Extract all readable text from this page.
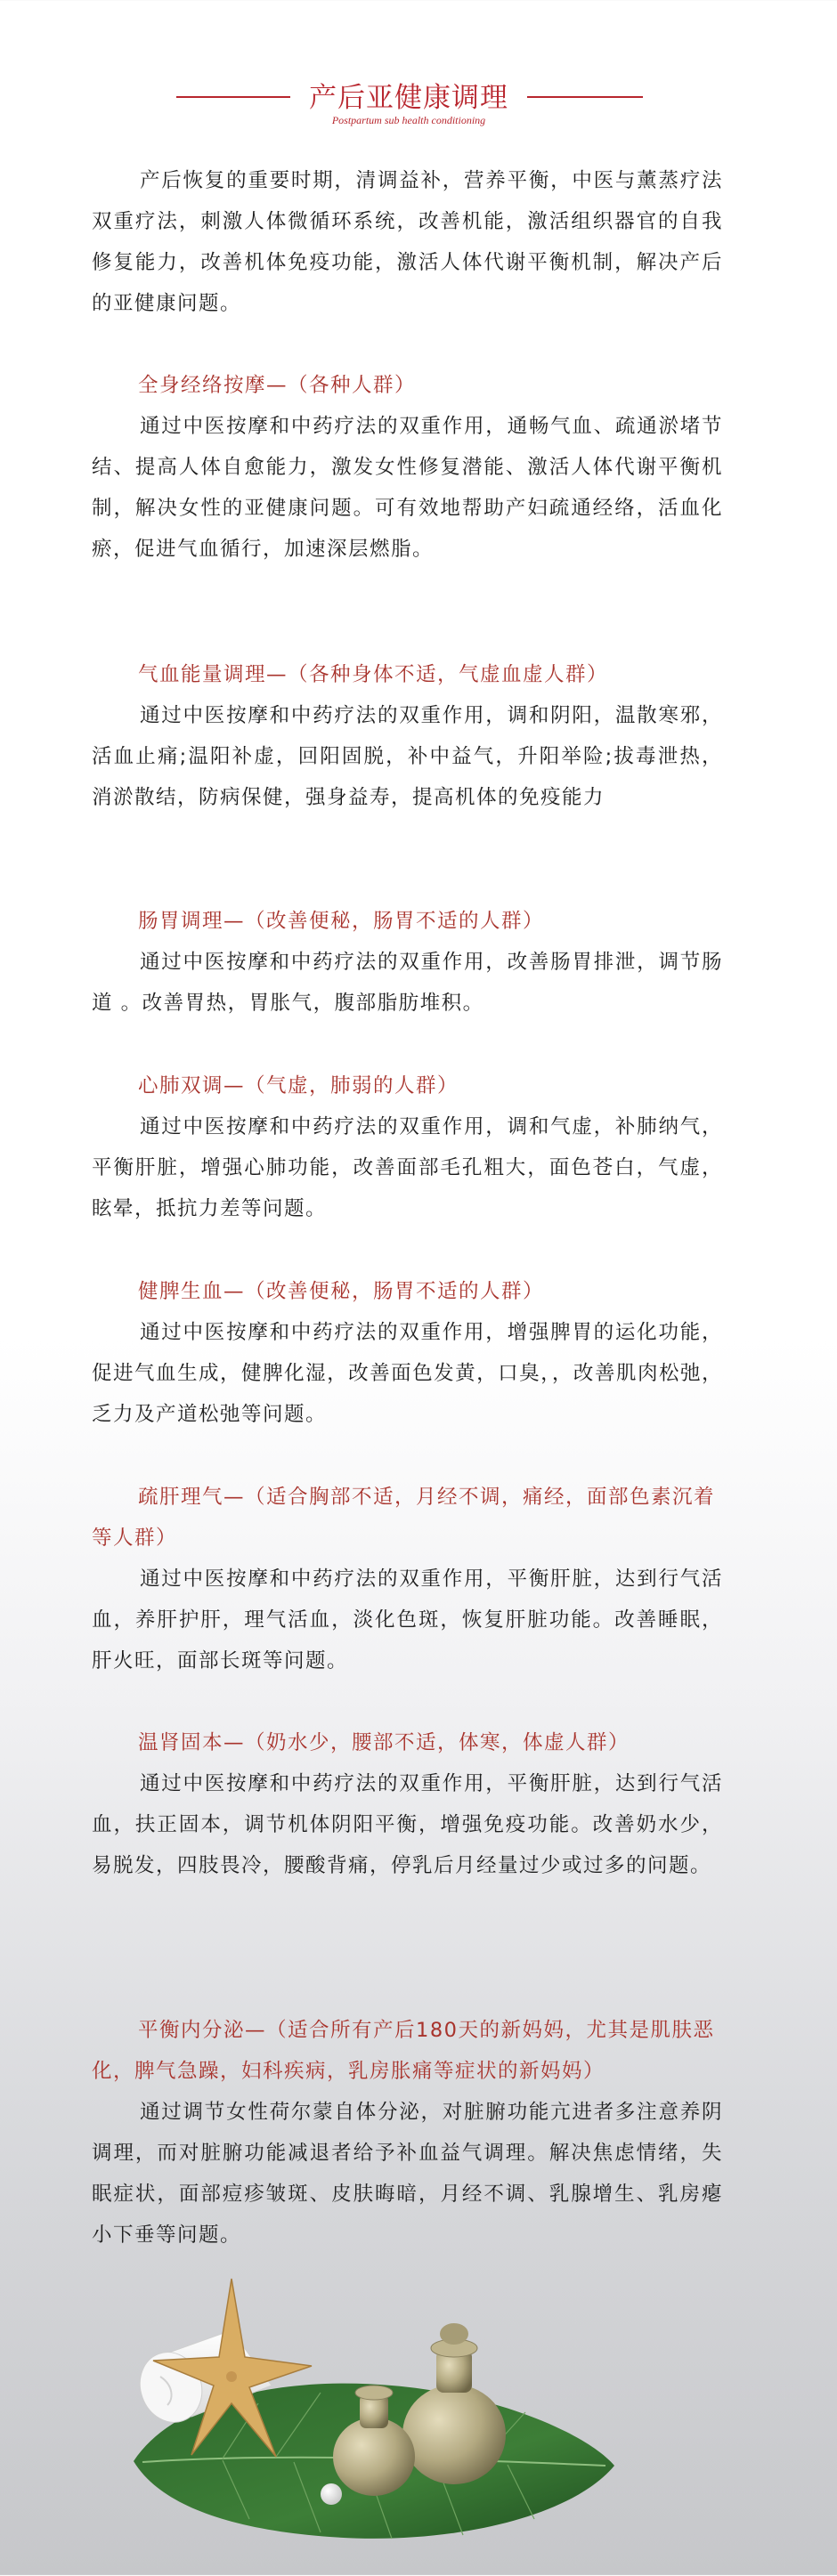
产后亚健康调理
Postpartum sub health conditioning

产后恢复的重要时期，清调益补，营养平衡，中医与薰蒸疗法双重疗法，刺激人体微循环系统，改善机能，激活组织器官的自我修复能力，改善机体免疫功能，激活人体代谢平衡机制，解决产后的亚健康问题。

全身经络按摩—（各种人群）

通过中医按摩和中药疗法的双重作用，通畅气血、疏通淤堵节结、提高人体自愈能力，激发女性修复潜能、激活人体代谢平衡机制，解决女性的亚健康问题。可有效地帮助产妇疏通经络，活血化瘀，促进气血循行，加速深层燃脂。

气血能量调理—（各种身体不适，气虚血虚人群）

通过中医按摩和中药疗法的双重作用，调和阴阳，温散寒邪，活血止痛;温阳补虚，回阳固脱，补中益气，升阳举险;拔毒泄热，消淤散结，防病保健，强身益寿，提高机体的免疫能力

肠胃调理—（改善便秘，肠胃不适的人群）

通过中医按摩和中药疗法的双重作用，改善肠胃排泄，调节肠道 。改善胃热，胃胀气，腹部脂肪堆积。

心肺双调—（气虚，肺弱的人群）

通过中医按摩和中药疗法的双重作用，调和气虚，补肺纳气，平衡肝脏，增强心肺功能，改善面部毛孔粗大，面色苍白，气虚，眩晕，抵抗力差等问题。

健脾生血—（改善便秘，肠胃不适的人群）

通过中医按摩和中药疗法的双重作用，增强脾胃的运化功能，促进气血生成，健脾化湿，改善面色发黄，口臭，，改善肌肉松弛，乏力及产道松弛等问题。

疏肝理气—（适合胸部不适，月经不调，痛经，面部色素沉着等人群）

通过中医按摩和中药疗法的双重作用，平衡肝脏，达到行气活血，养肝护肝，理气活血，淡化色斑，恢复肝脏功能。改善睡眠，肝火旺，面部长斑等问题。

温肾固本—（奶水少，腰部不适，体寒，体虚人群）

通过中医按摩和中药疗法的双重作用，平衡肝脏，达到行气活血，扶正固本，调节机体阴阳平衡，增强免疫功能。改善奶水少，易脱发，四肢畏冷，腰酸背痛，停乳后月经量过少或过多的问题。

平衡内分泌—（适合所有产后180天的新妈妈，尤其是肌肤恶化，脾气急躁，妇科疾病，乳房胀痛等症状的新妈妈）

通过调节女性荷尔蒙自体分泌，对脏腑功能亢进者多注意养阴调理，而对脏腑功能减退者给予补血益气调理。解决焦虑情绪，失眠症状，面部痘疹皱斑、皮肤晦暗，月经不调、乳腺增生、乳房瘪小下垂等问题。
